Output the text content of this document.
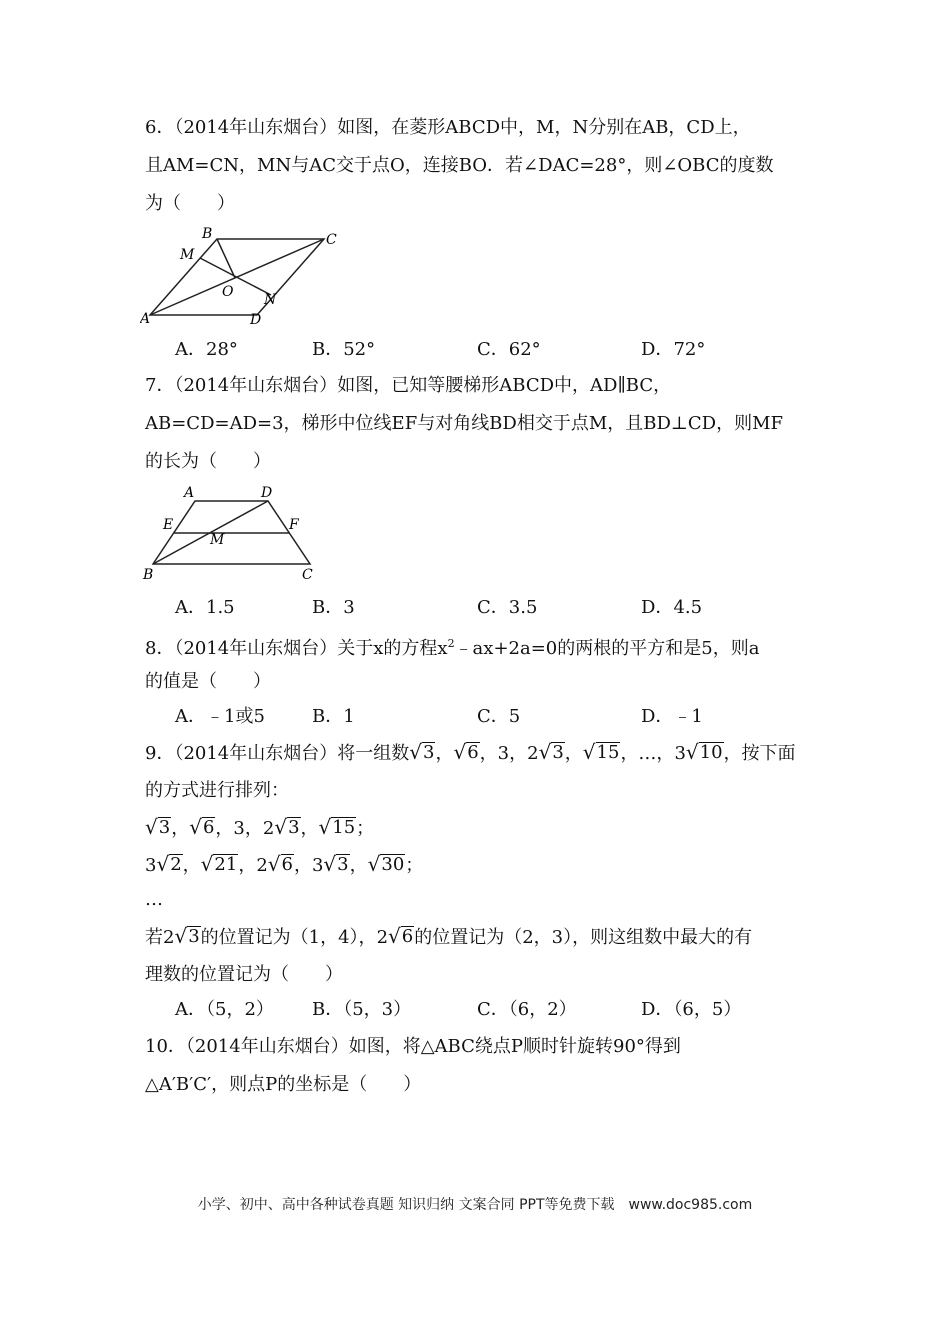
6．（2014年山东烟台）如图，在菱形ABCD中，M，N分别在AB，CD上，
且AM=CN，MN与AC交于点O，连接BO．若∠DAC=28°，则∠OBC的度数
为（　　）
A
B	C
D
M
N
O
A．28°	B．52°	C．62°	D．72°
7．（2014年山东烟台）如图，已知等腰梯形ABCD中，AD∥BC，
AB=CD=AD=3，梯形中位线EF与对角线BD相交于点M，且BD⊥CD，则MF
的长为（　　）
A	D
E	F
M
B	C
A．1.5	B．3	C．3.5	D．4.5
8．（2014年山东烟台）关于x的方程$x^2﹣ax+2a=0$的两根的平方和是5，则a
的值是（　　）
A．﹣1或5	B．1	C．5	D．﹣1
9．（2014年山东烟台）将一组数 √ 3 ， √ 6 ，3，2 √ 3 ， √ 15 ，…，3 √ 10 ，按下面
的方式进行排列：
√ 3 ， √ 6 ，3，2 √ 3 ， √ 15 ；
3 √ 2 ， √ 21 ，2 √ 6 ，3 √ 3 ， √ 30 ；
…
若2 √ 3 的位置记为（1，4），2 √ 6 的位置记为（2，3），则这组数中最大的有
理数的位置记为（　　）
A．（5，2） B．（5，3）	C．（6，2）	D．（6，5）
10．（2014年山东烟台）如图，将△ABC绕点P顺时针旋转90°得到
△A′B′C′，则点P的坐标是（　　）
小学、初中、高中各种试卷真题 知识归纳 文案合同 PPT等免费下载　www.doc985.com
